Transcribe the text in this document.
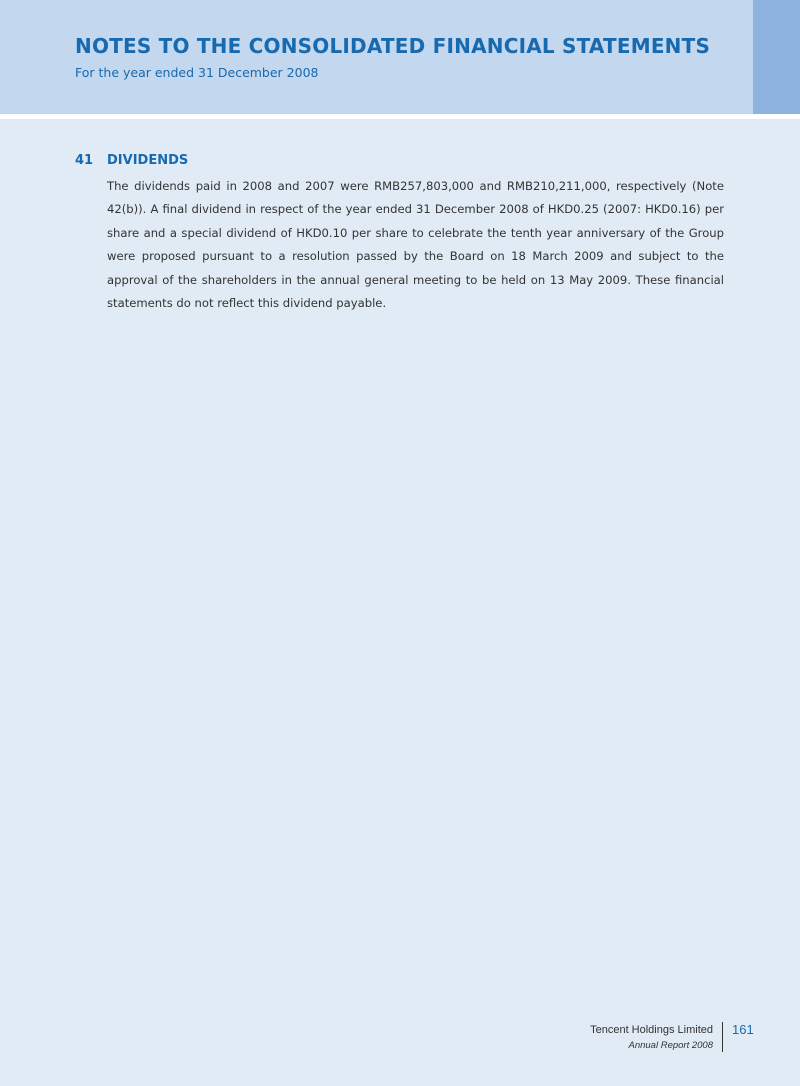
NOTES TO THE CONSOLIDATED FINANCIAL STATEMENTS

For the year ended 31 December 2008

41 DIVIDENDS

The dividends paid in 2008 and 2007 were RMB257,803,000 and RMB210,211,000, respectively (Note 42(b)). A final dividend in respect of the year ended 31 December 2008 of HKD0.25 (2007: HKD0.16) per share and a special dividend of HKD0.10 per share to celebrate the tenth year anniversary of the Group were proposed pursuant to a resolution passed by the Board on 18 March 2009 and subject to the approval of the shareholders in the annual general meeting to be held on 13 May 2009. These financial statements do not reflect this dividend payable.

Tencent Holdings Limited

Annual Report 2008

161
